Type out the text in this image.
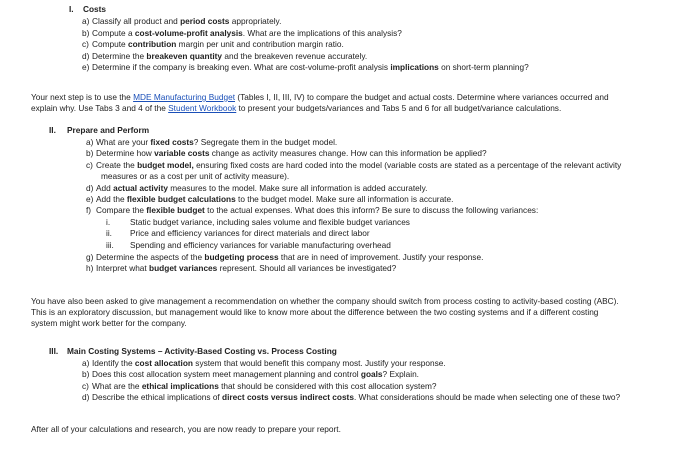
I. Costs
a) Classify all product and period costs appropriately.
b) Compute a cost-volume-profit analysis. What are the implications of this analysis?
c) Compute contribution margin per unit and contribution margin ratio.
d) Determine the breakeven quantity and the breakeven revenue accurately.
e) Determine if the company is breaking even. What are cost-volume-profit analysis implications on short-term planning?
Your next step is to use the MDE Manufacturing Budget (Tables I, II, III, IV) to compare the budget and actual costs. Determine where variances occurred and
explain why. Use Tabs 3 and 4 of the Student Workbook to present your budgets/variances and Tabs 5 and 6 for all budget/variance calculations.
II. Prepare and Perform
a) What are your fixed costs? Segregate them in the budget model.
b) Determine how variable costs change as activity measures change. How can this information be applied?
c) Create the budget model, ensuring fixed costs are hard coded into the model (variable costs are stated as a percentage of the relevant activity
measures or as a cost per unit of activity measure).
d) Add actual activity measures to the model. Make sure all information is added accurately.
e) Add the flexible budget calculations to the budget model. Make sure all information is accurate.
f) Compare the flexible budget to the actual expenses. What does this inform? Be sure to discuss the following variances:
i. Static budget variance, including sales volume and flexible budget variances
ii. Price and efficiency variances for direct materials and direct labor
iii. Spending and efficiency variances for variable manufacturing overhead
g) Determine the aspects of the budgeting process that are in need of improvement. Justify your response.
h) Interpret what budget variances represent. Should all variances be investigated?
You have also been asked to give management a recommendation on whether the company should switch from process costing to activity-based costing (ABC).
This is an exploratory discussion, but management would like to know more about the difference between the two costing systems and if a different costing
system might work better for the company.
III. Main Costing Systems – Activity-Based Costing vs. Process Costing
a) Identify the cost allocation system that would benefit this company most. Justify your response.
b) Does this cost allocation system meet management planning and control goals? Explain.
c) What are the ethical implications that should be considered with this cost allocation system?
d) Describe the ethical implications of direct costs versus indirect costs. What considerations should be made when selecting one of these two?
After all of your calculations and research, you are now ready to prepare your report.
